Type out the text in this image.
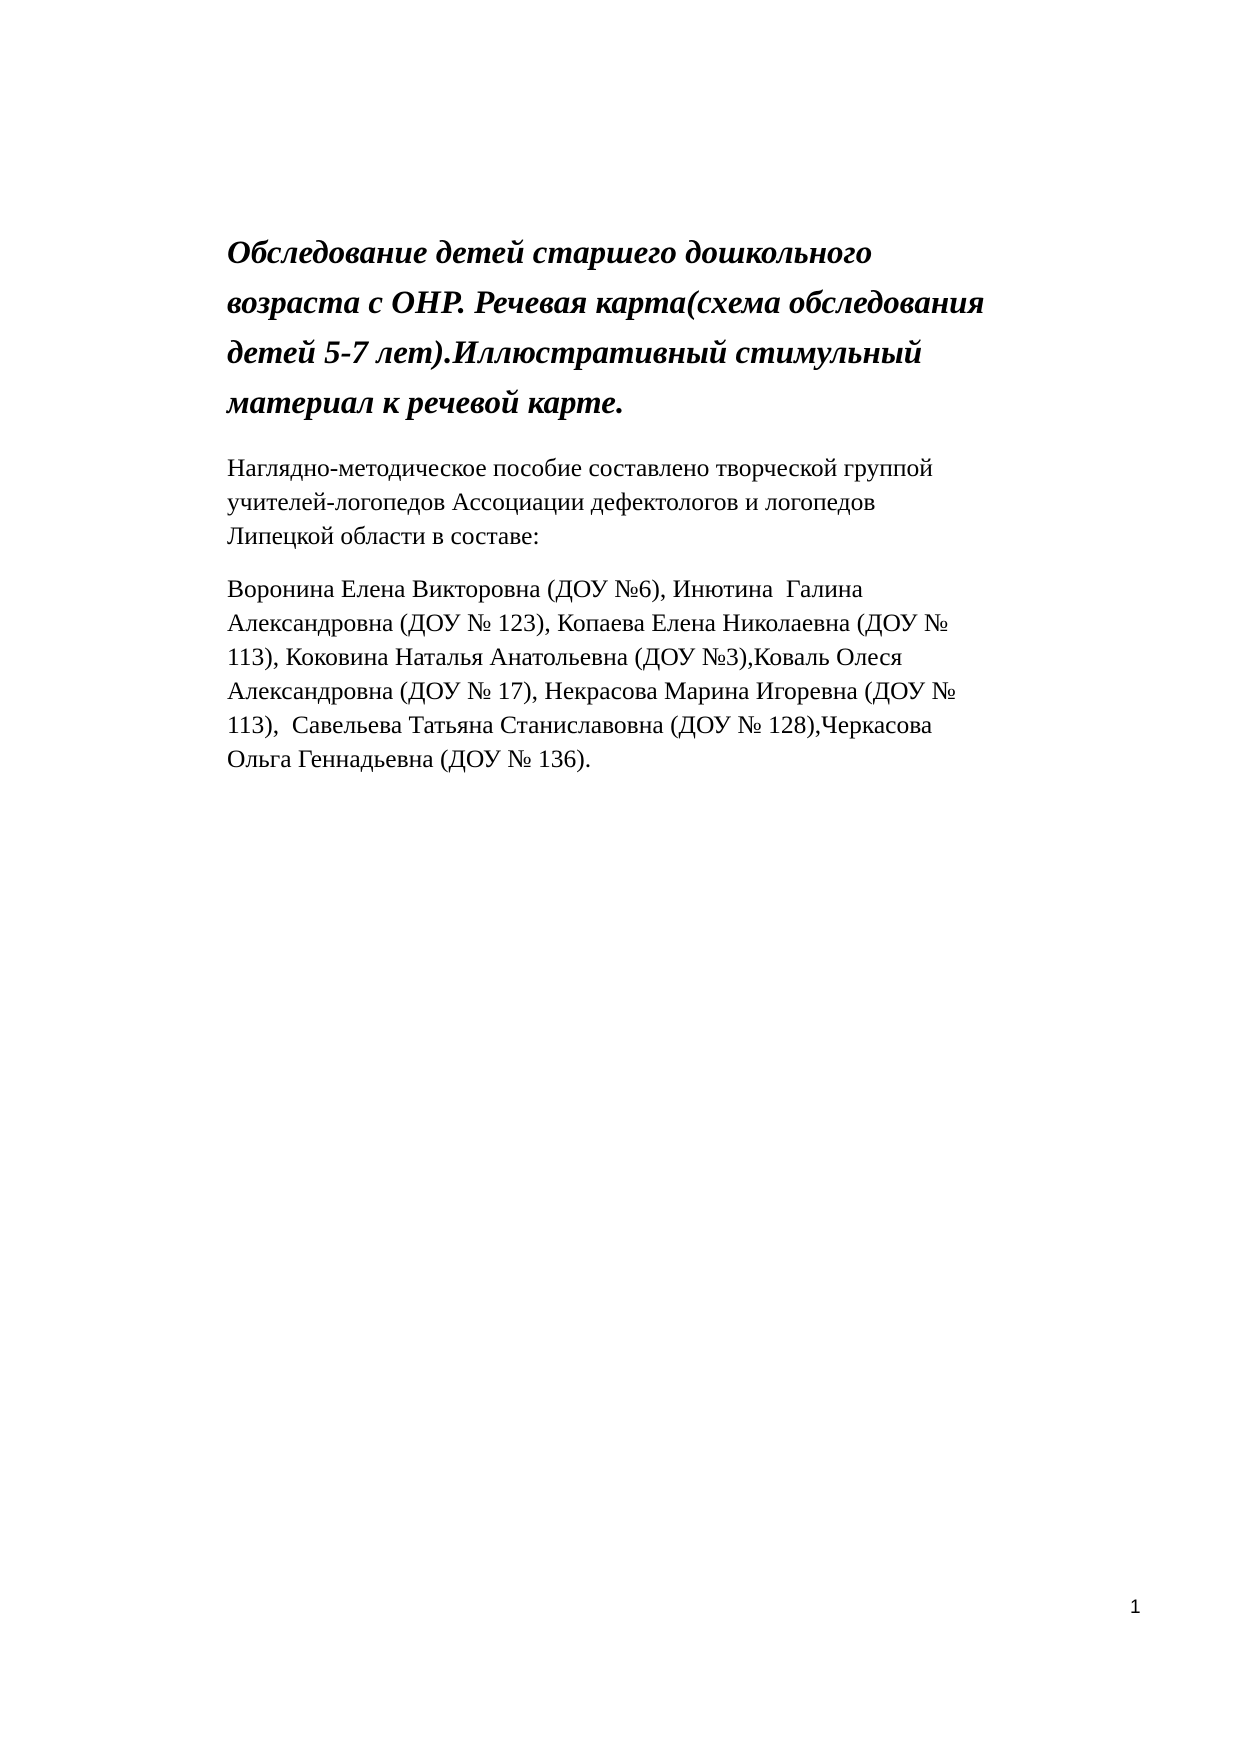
Обследование детей старшего дошкольного
возраста с ОНР. Речевая карта(схема обследования
детей 5-7 лет).Иллюстративный стимульный
материал к речевой карте.

Наглядно-методическое пособие составлено творческой группой
учителей-логопедов Ассоциации дефектологов и логопедов
Липецкой области в составе:

Воронина Елена Викторовна (ДОУ №6), Инютина  Галина
Александровна (ДОУ № 123), Копаева Елена Николаевна (ДОУ №
113), Коковина Наталья Анатольевна (ДОУ №3),Коваль Олеся
Александровна (ДОУ № 17), Некрасова Марина Игоревна (ДОУ №
113),  Савельева Татьяна Станиславовна (ДОУ № 128),Черкасова
Ольга Геннадьевна (ДОУ № 136).

1
